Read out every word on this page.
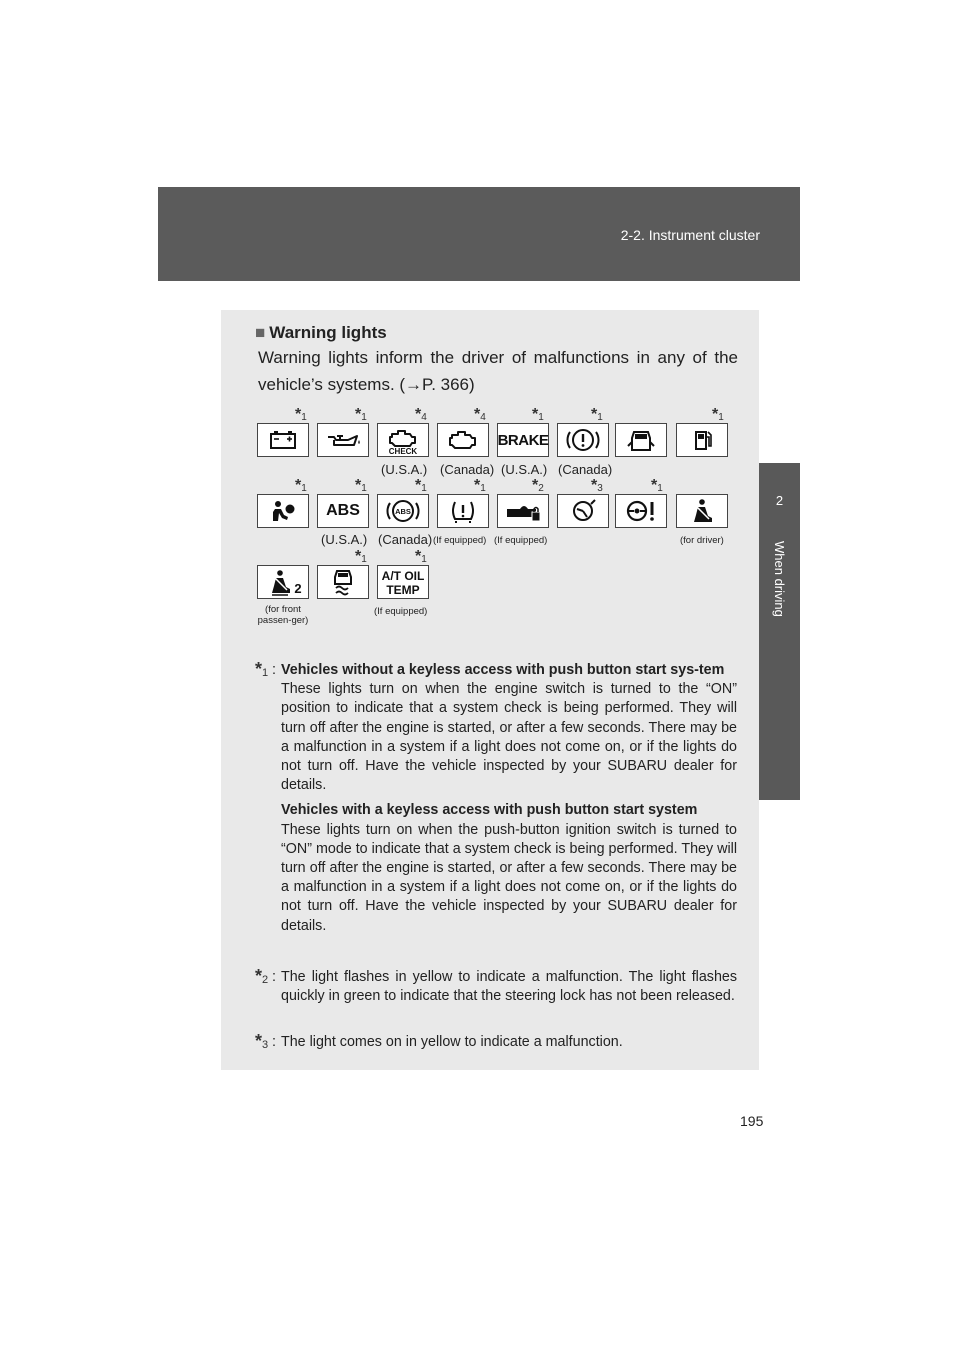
2-2. Instrument cluster
2
When driving
■ Warning lights
Warning lights inform the driver of malfunctions in any of the vehicle’s systems. (→P. 366)
$*_1$	$*_1$	$*_4$	$*_4$	$*_1$	$*_1$	$*_1$
CHECK
BRAKE
(U.S.A.) (Canada) (U.S.A.) (Canada)
$*_1$	$*_1$	$*_1$	$*_1$	$*_2$	$*_3$	$*_1$
ABS	ABS
(U.S.A.) (Canada) (If equipped) (If equipped)	(for driver)
$*_1$	$*_1$
2
A/T OIL
TEMP
(for front passen-ger)
(If equipped)
$*_1$ : Vehicles without a keyless access with push button start sys-tem
These lights turn on when the engine switch is turned to the “ON” position to indicate that a system check is being performed. They will turn off after the engine is started, or after a few seconds. There may be a malfunction in a system if a light does not come on, or if the lights do not turn off. Have the vehicle inspected by your SUBARU dealer for details.
Vehicles with a keyless access with push button start system
These lights turn on when the push-button ignition switch is turned to “ON” mode to indicate that a system check is being performed. They will turn off after the engine is started, or after a few seconds. There may be a malfunction in a system if a light does not come on, or if the lights do not turn off. Have the vehicle inspected by your SUBARU dealer for details.
$*_2$ : The light flashes in yellow to indicate a malfunction. The light flashes quickly in green to indicate that the steering lock has not been released.
$*_3$ : The light comes on in yellow to indicate a malfunction.
195
